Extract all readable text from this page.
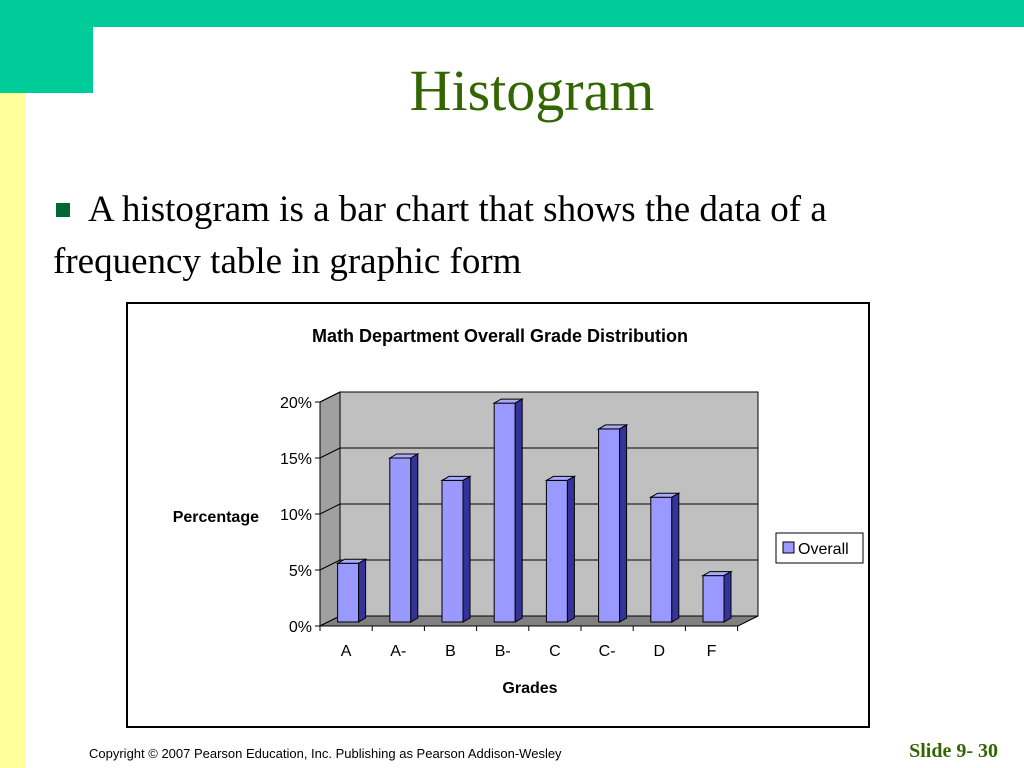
Histogram
A histogram is a bar chart that shows the data of a frequency table in graphic form
0%
5%
10%
15%
20%
A A- B B- C C- D	F
Math Department Overall Grade Distribution
Percentage
Grades
Overall
Copyright © 2007 Pearson Education, Inc. Publishing as Pearson Addison-Wesley	Slide 9- 30
